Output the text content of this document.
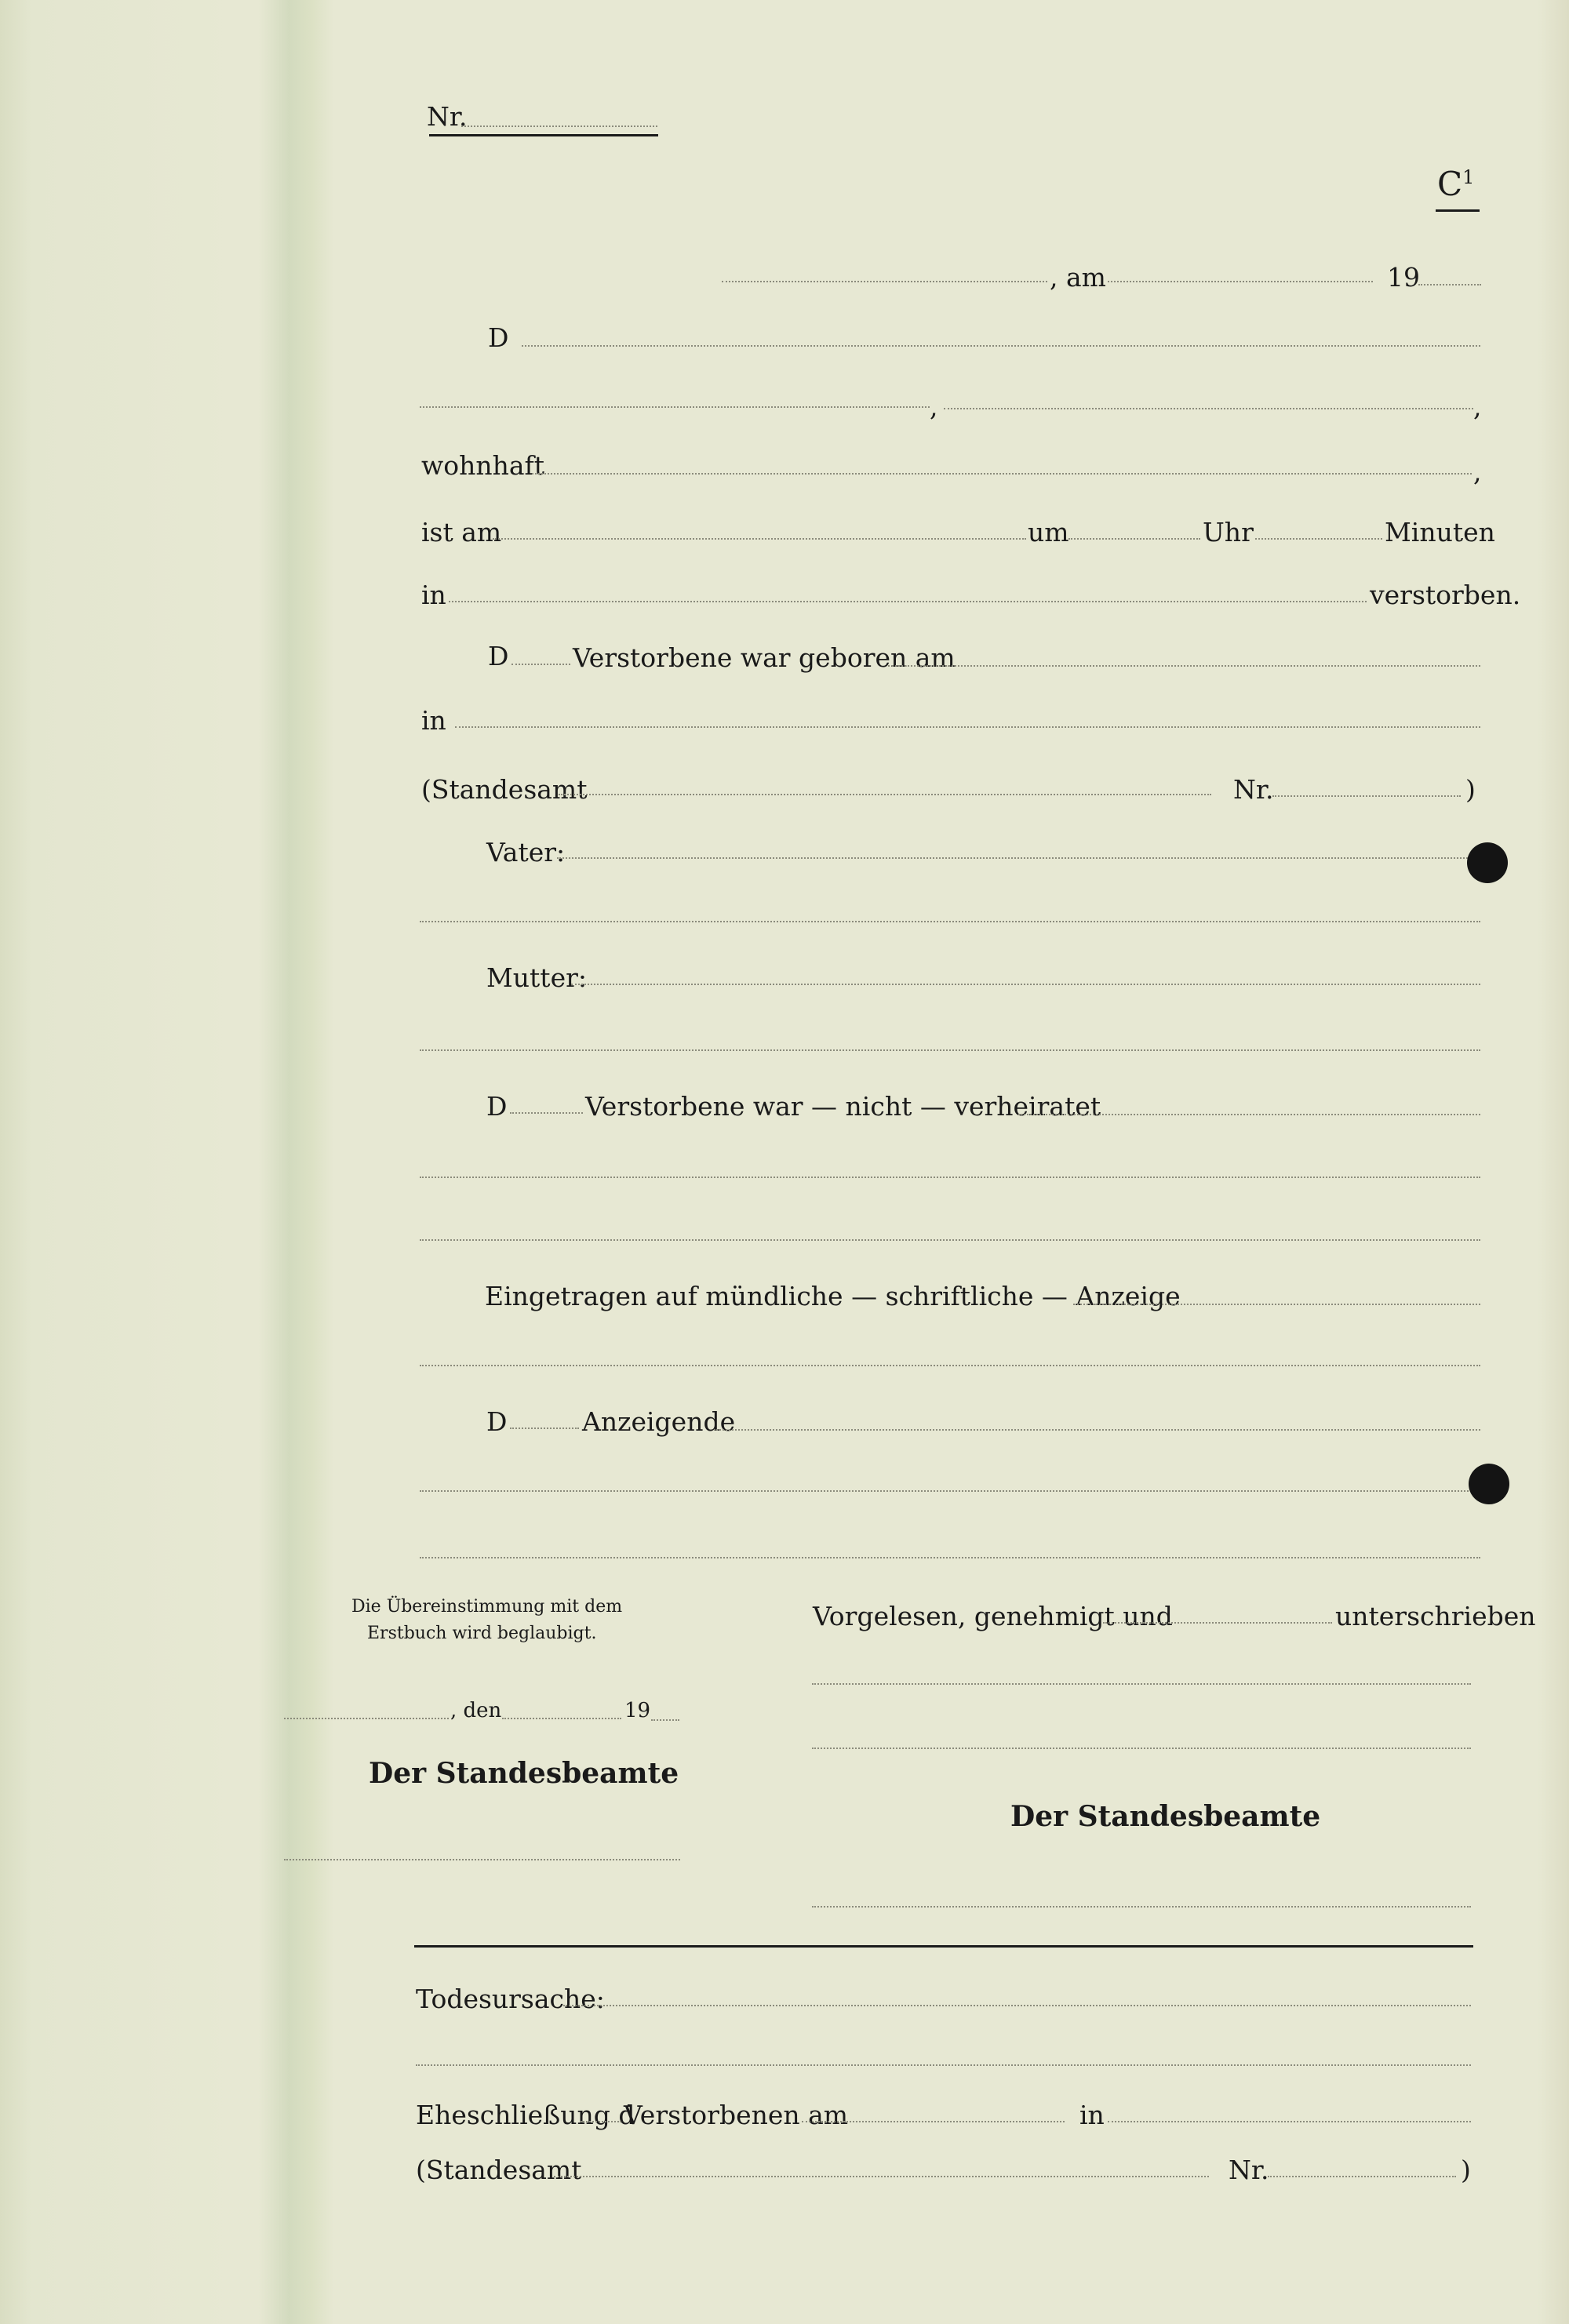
Nr.
$C^1$
, am	19
D
,	,
wohnhaft	,
ist am	um	Uhr	Minuten
in	verstorben.
D Verstorbene war geboren am
in
(Standesamt	Nr.	)
Vater:
Mutter:
D	Verstorbene war — nicht — verheiratet
Eingetragen auf mündliche — schriftliche — Anzeige
D	Anzeigende
Die Übereinstimmung mit dem
Erstbuch wird beglaubigt.
, den	19
Der Standesbeamte
Vorgelesen, genehmigt und	unterschrieben
Der Standesbeamte
Todesursache:
Eheschließung d
Verstorbenen am	in
(Standesamt	Nr.	)
